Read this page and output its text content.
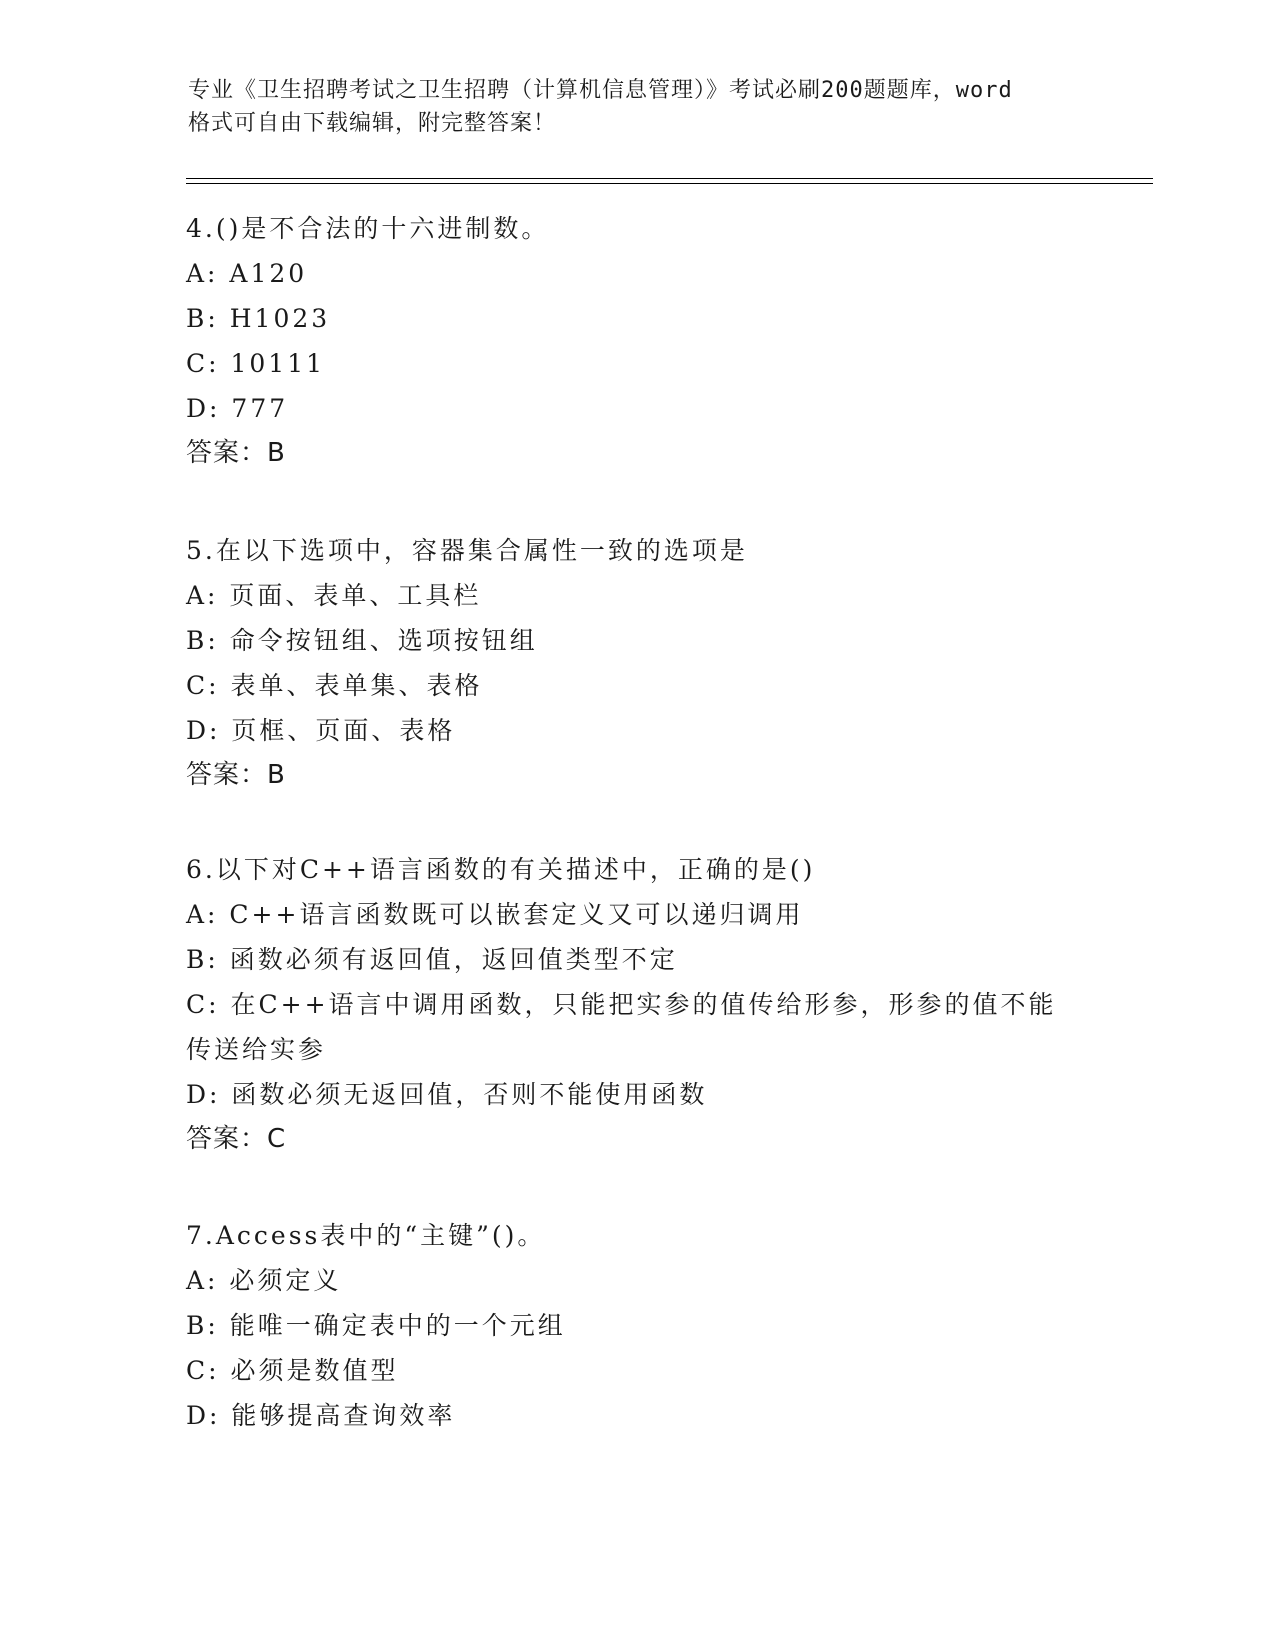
专业《卫生招聘考试之卫生招聘（计算机信息管理）》考试必刷200题题库，word

格式可自由下载编辑，附完整答案！

4.()是不合法的十六进制数。

A: A120

B: H1023

C: 10111

D: 777

答案：B

5.在以下选项中，容器集合属性一致的选项是

A: 页面、表单、工具栏

B: 命令按钮组、选项按钮组

C: 表单、表单集、表格

D: 页框、页面、表格

答案：B

6.以下对C++语言函数的有关描述中，正确的是()

A: C++语言函数既可以嵌套定义又可以递归调用

B: 函数必须有返回值，返回值类型不定

C: 在C++语言中调用函数，只能把实参的值传给形参，形参的值不能

传送给实参

D: 函数必须无返回值，否则不能使用函数

答案：C

7.Access表中的“主键”()。

A: 必须定义

B: 能唯一确定表中的一个元组

C: 必须是数值型

D: 能够提高查询效率
